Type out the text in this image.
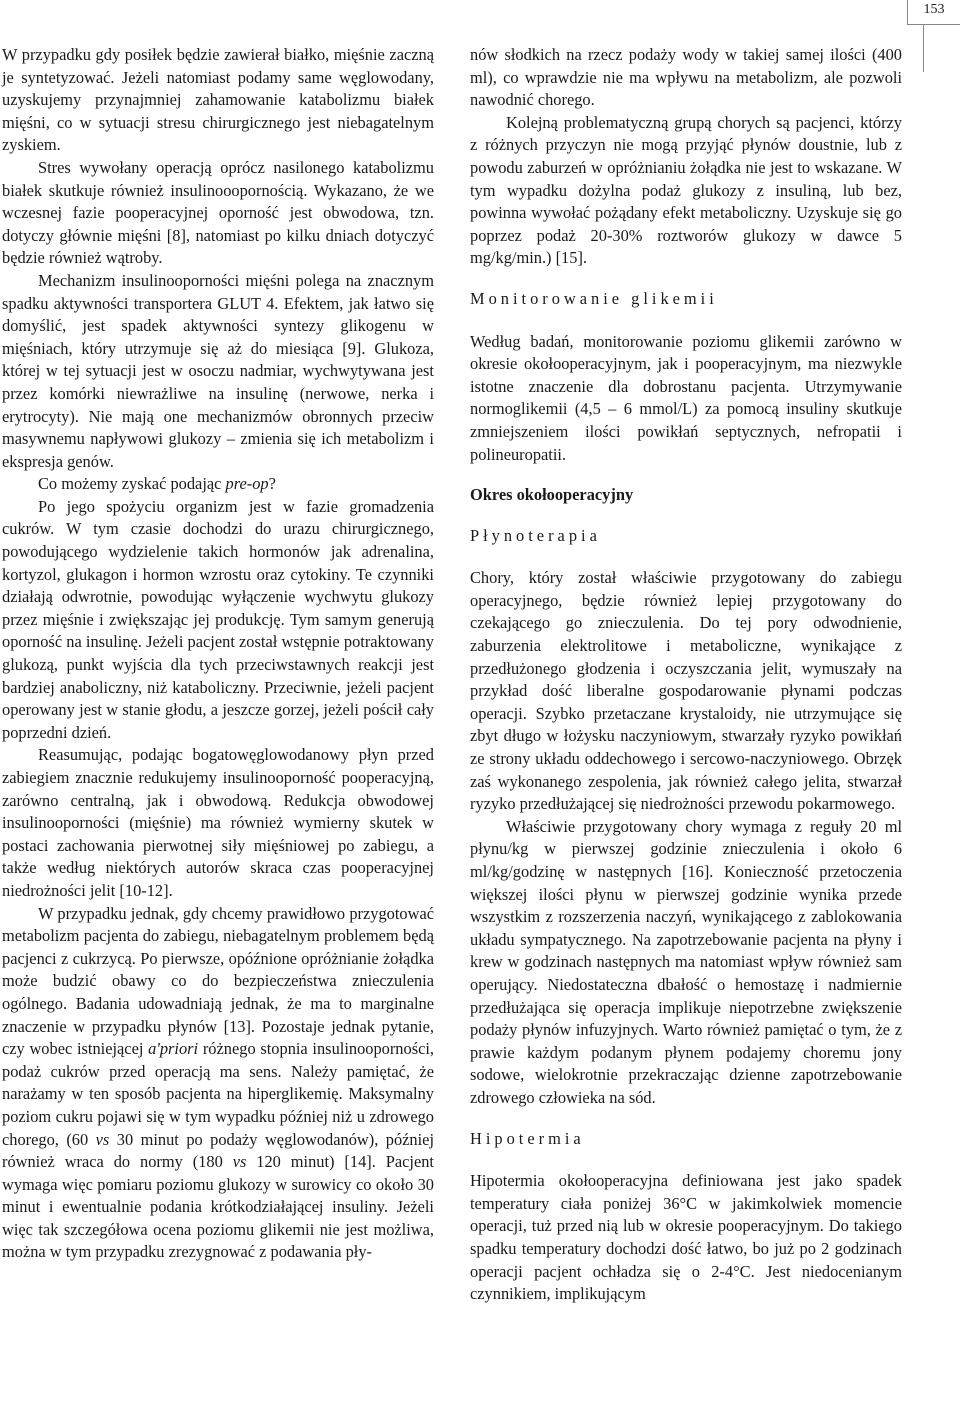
153

W przypadku gdy posiłek będzie zawierał białko, mięśnie zaczną je syntetyzować. Jeżeli natomiast podamy same węglowodany, uzyskujemy przynajmniej zahamowanie katabolizmu białek mięśni, co w sytuacji stresu chirurgicznego jest niebagatelnym zyskiem.

Stres wywołany operacją oprócz nasilonego katabolizmu białek skutkuje również insulinooopornością. Wykazano, że we wczesnej fazie pooperacyjnej oporność jest obwodowa, tzn. dotyczy głównie mięśni [8], natomiast po kilku dniach dotyczyć będzie również wątroby.

Mechanizm insulinooporności mięśni polega na znacznym spadku aktywności transportera GLUT 4. Efektem, jak łatwo się domyślić, jest spadek aktywności syntezy glikogenu w mięśniach, który utrzymuje się aż do miesiąca [9]. Glukoza, której w tej sytuacji jest w osoczu nadmiar, wychwytywana jest przez komórki niewrażliwe na insulinę (nerwowe, nerka i erytrocyty). Nie mają one mechanizmów obronnych przeciw masywnemu napływowi glukozy – zmienia się ich metabolizm i ekspresja genów.

Co możemy zyskać podając pre-op?

Po jego spożyciu organizm jest w fazie gromadzenia cukrów. W tym czasie dochodzi do urazu chirurgicznego, powodującego wydzielenie takich hormonów jak adrenalina, kortyzol, glukagon i hormon wzrostu oraz cytokiny. Te czynniki działają odwrotnie, powodując wyłączenie wychwytu glukozy przez mięśnie i zwiększając jej produkcję. Tym samym generują oporność na insulinę. Jeżeli pacjent został wstępnie potraktowany glukozą, punkt wyjścia dla tych przeciwstawnych reakcji jest bardziej anaboliczny, niż kataboliczny. Przeciwnie, jeżeli pacjent operowany jest w stanie głodu, a jeszcze gorzej, jeżeli pościł cały poprzedni dzień.

Reasumując, podając bogatowęglowodanowy płyn przed zabiegiem znacznie redukujemy insulinooporność pooperacyjną, zarówno centralną, jak i obwodową. Redukcja obwodowej insulinooporności (mięśnie) ma również wymierny skutek w postaci zachowania pierwotnej siły mięśniowej po zabiegu, a także według niektórych autorów skraca czas pooperacyjnej niedrożności jelit [10-12].

W przypadku jednak, gdy chcemy prawidłowo przygotować metabolizm pacjenta do zabiegu, niebagatelnym problemem będą pacjenci z cukrzycą. Po pierwsze, opóźnione opróżnianie żołądka może budzić obawy co do bezpieczeństwa znieczulenia ogólnego. Badania udowadniają jednak, że ma to marginalne znaczenie w przypadku płynów [13]. Pozostaje jednak pytanie, czy wobec istniejącej a'priori różnego stopnia insulinooporności, podaż cukrów przed operacją ma sens. Należy pamiętać, że narażamy w ten sposób pacjenta na hiperglikemię. Maksymalny poziom cukru pojawi się w tym wypadku później niż u zdrowego chorego, (60 vs 30 minut po podaży węglowodanów), później również wraca do normy (180 vs 120 minut) [14]. Pacjent wymaga więc pomiaru poziomu glukozy w surowicy co około 30 minut i ewentualnie podania krótkodziałającej insuliny. Jeżeli więc tak szczegółowa ocena poziomu glikemii nie jest możliwa, można w tym przypadku zrezygnować z podawania pły-

nów słodkich na rzecz podaży wody w takiej samej ilości (400 ml), co wprawdzie nie ma wpływu na metabolizm, ale pozwoli nawodnić chorego.

Kolejną problematyczną grupą chorych są pacjenci, którzy z różnych przyczyn nie mogą przyjąć płynów doustnie, lub z powodu zaburzeń w opróżnianiu żołądka nie jest to wskazane. W tym wypadku dożylna podaż glukozy z insuliną, lub bez, powinna wywołać pożądany efekt metaboliczny. Uzyskuje się go poprzez podaż 20-30% roztworów glukozy w dawce 5 mg/kg/min.) [15].

Monitorowanie glikemii

Według badań, monitorowanie poziomu glikemii zarówno w okresie okołooperacyjnym, jak i pooperacyjnym, ma niezwykle istotne znaczenie dla dobrostanu pacjenta. Utrzymywanie normoglikemii (4,5 – 6 mmol/L) za pomocą insuliny skutkuje zmniejszeniem ilości powikłań septycznych, nefropatii i polineuropatii.

Okres okołooperacyjny

Płynoterapia

Chory, który został właściwie przygotowany do zabiegu operacyjnego, będzie również lepiej przygotowany do czekającego go znieczulenia. Do tej pory odwodnienie, zaburzenia elektrolitowe i metaboliczne, wynikające z przedłużonego głodzenia i oczyszczania jelit, wymuszały na przykład dość liberalne gospodarowanie płynami podczas operacji. Szybko przetaczane krystaloidy, nie utrzymujące się zbyt długo w łożysku naczyniowym, stwarzały ryzyko powikłań ze strony układu oddechowego i sercowo-naczyniowego. Obrzęk zaś wykonanego zespolenia, jak również całego jelita, stwarzał ryzyko przedłużającej się niedrożności przewodu pokarmowego.

Właściwie przygotowany chory wymaga z reguły 20 ml płynu/kg w pierwszej godzinie znieczulenia i około 6 ml/kg/godzinę w następnych [16]. Konieczność przetoczenia większej ilości płynu w pierwszej godzinie wynika przede wszystkim z rozszerzenia naczyń, wynikającego z zablokowania układu sympatycznego. Na zapotrzebowanie pacjenta na płyny i krew w godzinach następnych ma natomiast wpływ również sam operujący. Niedostateczna dbałość o hemostazę i nadmiernie przedłużająca się operacja implikuje niepotrzebne zwiększenie podaży płynów infuzyjnych. Warto również pamiętać o tym, że z prawie każdym podanym płynem podajemy choremu jony sodowe, wielokrotnie przekraczając dzienne zapotrzebowanie zdrowego człowieka na sód.

Hipotermia

Hipotermia okołooperacyjna definiowana jest jako spadek temperatury ciała poniżej 36°C w jakimkolwiek momencie operacji, tuż przed nią lub w okresie pooperacyjnym. Do takiego spadku temperatury dochodzi dość łatwo, bo już po 2 godzinach operacji pacjent ochładza się o 2-4°C. Jest niedocenianym czynnikiem, implikującym
